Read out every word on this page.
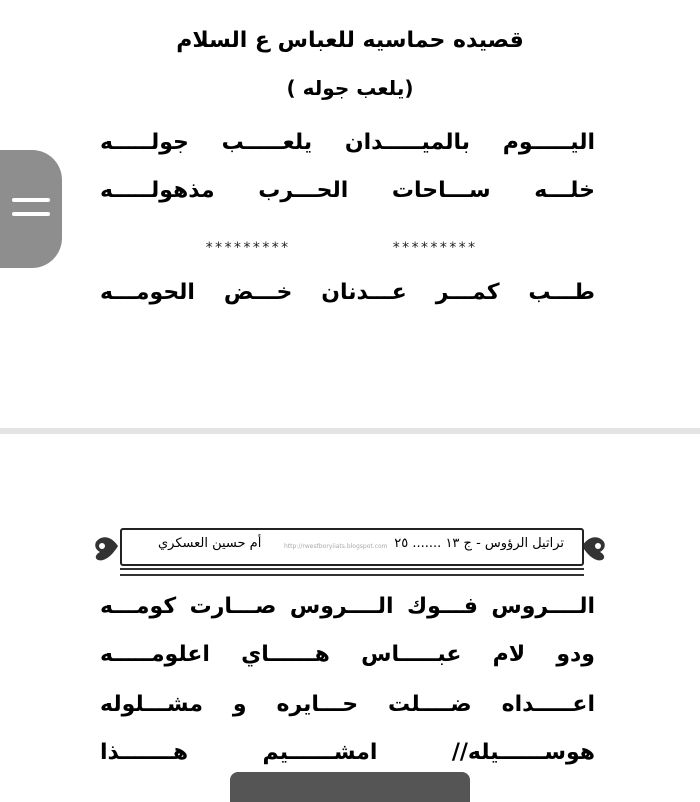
قصيده حماسيه للعباس ع السلام
(يلعب جوله )
اليـــــوم بالميـــــدان يلعـــــب جولـــــه
خلـــه ســـاحات الحـــرب مذهولـــــه
*********
*********
طـــب كمـــر عـــدنان خـــض الحومـــه
تراتيل الرؤوس - ج ١٣ ....... ٢٥
أم حسين العسكري	http://rwestboryiiats.blogspot.com
الــــروس فـــوك الــــروس صـــارت كومـــه
ودو لام عبـــــاس هــــــاي اعلومـــــه
اعـــــداه ضــــلت حـــايره و مشـــلوله
هوســــــيله// امشــــــيم هـــــــذا
